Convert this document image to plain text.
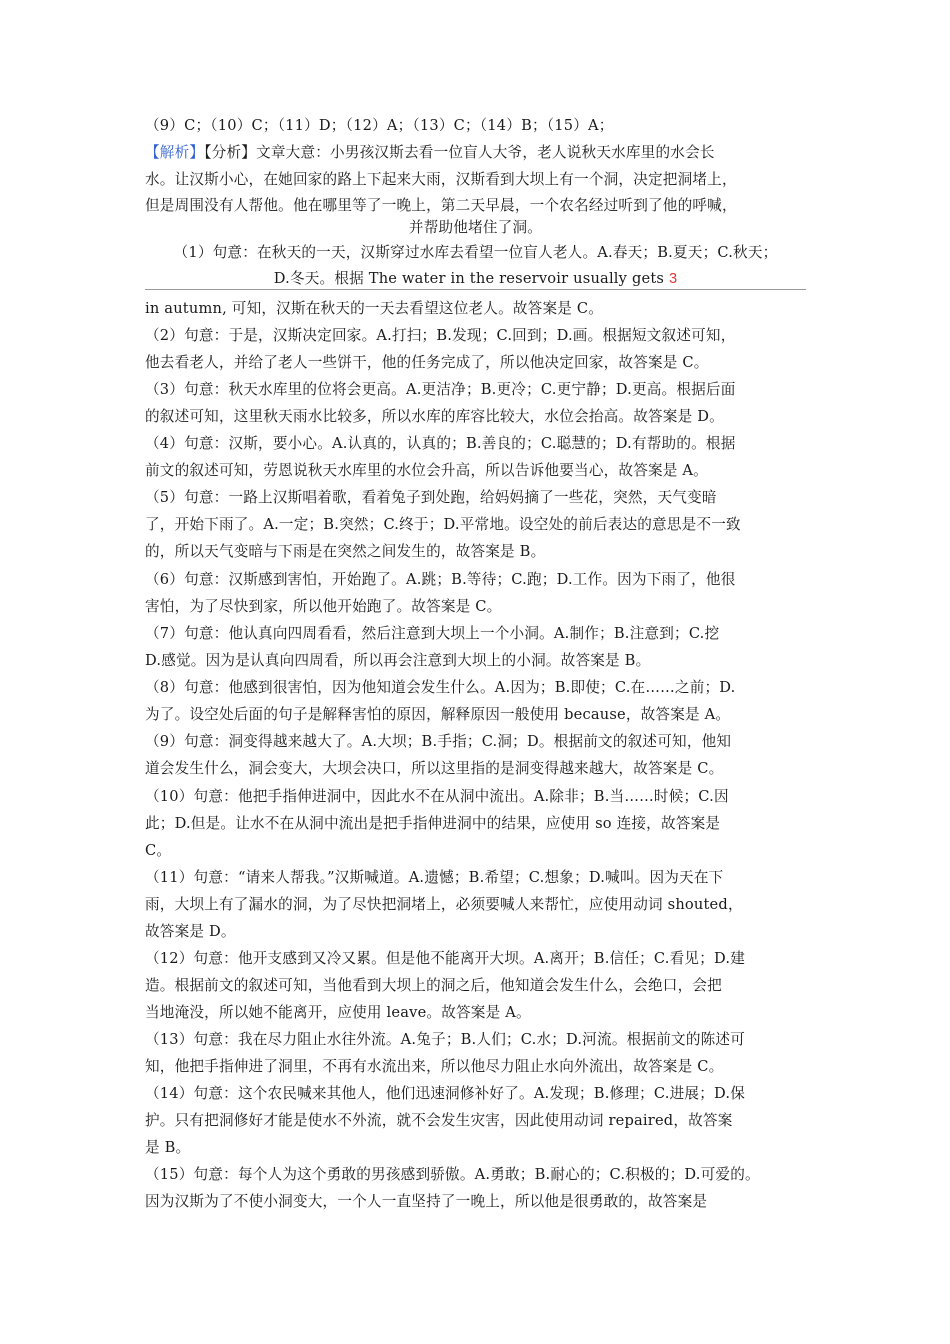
（9）C；（10）C；（11）D；（12）A；（13）C；（14）B；（15）A；
【解析】【分析】文章大意：小男孩汉斯去看一位盲人大爷，老人说秋天水库里的水会长
水。让汉斯小心，在她回家的路上下起来大雨，汉斯看到大坝上有一个洞，决定把洞堵上，
但是周围没有人帮他。他在哪里等了一晚上，第二天早晨，一个农名经过听到了他的呼喊，
并帮助他堵住了洞。
（1）句意：在秋天的一天，汉斯穿过水库去看望一位盲人老人。A.春天；B.夏天；C.秋天；
D.冬天。根据 The water in the reservoir usually gets 3
in autumn, 可知，汉斯在秋天的一天去看望这位老人。故答案是 C。
（2）句意：于是，汉斯决定回家。A.打扫；B.发现；C.回到；D.画。根据短文叙述可知，
他去看老人，并给了老人一些饼干，他的任务完成了，所以他决定回家，故答案是 C。
（3）句意：秋天水库里的位将会更高。A.更洁净；B.更冷；C.更宁静；D.更高。根据后面
的叙述可知，这里秋天雨水比较多，所以水库的库容比较大，水位会抬高。故答案是 D。
（4）句意：汉斯，要小心。A.认真的，认真的；B.善良的；C.聪慧的；D.有帮助的。根据
前文的叙述可知，劳恩说秋天水库里的水位会升高，所以告诉他要当心，故答案是 A。
（5）句意：一路上汉斯唱着歌，看着兔子到处跑，给妈妈摘了一些花，突然，天气变暗
了，开始下雨了。A.一定；B.突然；C.终于；D.平常地。设空处的前后表达的意思是不一致
的，所以天气变暗与下雨是在突然之间发生的，故答案是 B。
（6）句意：汉斯感到害怕，开始跑了。A.跳；B.等待；C.跑；D.工作。因为下雨了，他很
害怕，为了尽快到家，所以他开始跑了。故答案是 C。
（7）句意：他认真向四周看看，然后注意到大坝上一个小洞。A.制作；B.注意到；C.挖
D.感觉。因为是认真向四周看，所以再会注意到大坝上的小洞。故答案是 B。
（8）句意：他感到很害怕，因为他知道会发生什么。A.因为；B.即使；C.在……之前；D.
为了。设空处后面的句子是解释害怕的原因，解释原因一般使用 because，故答案是 A。
（9）句意：洞变得越来越大了。A.大坝；B.手指；C.洞；D。根据前文的叙述可知，他知
道会发生什么，洞会变大，大坝会决口，所以这里指的是洞变得越来越大，故答案是 C。
（10）句意：他把手指伸进洞中，因此水不在从洞中流出。A.除非；B.当……时候；C.因
此；D.但是。让水不在从洞中流出是把手指伸进洞中的结果，应使用 so 连接，故答案是
C。
（11）句意：“请来人帮我。”汉斯喊道。A.遗憾；B.希望；C.想象；D.喊叫。因为天在下
雨，大坝上有了漏水的洞，为了尽快把洞堵上，必须要喊人来帮忙，应使用动词 shouted，
故答案是 D。
（12）句意：他开支感到又冷又累。但是他不能离开大坝。A.离开；B.信任；C.看见；D.建
造。根据前文的叙述可知，当他看到大坝上的洞之后，他知道会发生什么，会绝口，会把
当地淹没，所以她不能离开，应使用 leave。故答案是 A。
（13）句意：我在尽力阻止水往外流。A.兔子；B.人们；C.水；D.河流。根据前文的陈述可
知，他把手指伸进了洞里，不再有水流出来，所以他尽力阻止水向外流出，故答案是 C。
（14）句意：这个农民喊来其他人，他们迅速洞修补好了。A.发现；B.修理；C.进展；D.保
护。只有把洞修好才能是使水不外流，就不会发生灾害，因此使用动词 repaired，故答案
是 B。
（15）句意：每个人为这个勇敢的男孩感到骄傲。A.勇敢；B.耐心的；C.积极的；D.可爱的。
因为汉斯为了不使小洞变大，一个人一直坚持了一晚上，所以他是很勇敢的，故答案是
